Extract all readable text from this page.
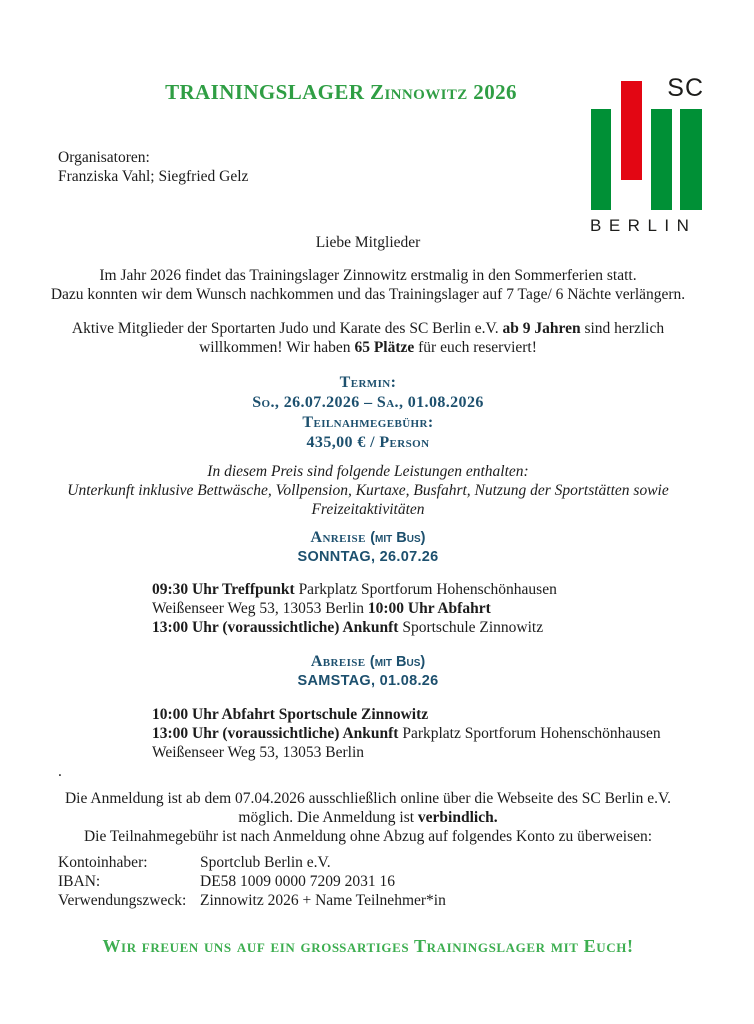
TRAININGSLAGER Zinnowitz 2026	SC
BERLIN
Organisatoren:
Franziska Vahl; Siegfried Gelz
Liebe Mitglieder
Im Jahr 2026 findet das Trainingslager Zinnowitz erstmalig in den Sommerferien statt.
Dazu konnten wir dem Wunsch nachkommen und das Trainingslager auf 7 Tage/ 6 Nächte verlängern.
Aktive Mitglieder der Sportarten Judo und Karate des SC Berlin e.V. ab 9 Jahren sind herzlich
willkommen! Wir haben 65 Plätze für euch reserviert!
Termin:
So., 26.07.2026 – Sa., 01.08.2026
Teilnahmegebühr:
435,00 € / Person
In diesem Preis sind folgende Leistungen enthalten:
Unterkunft inklusive Bettwäsche, Vollpension, Kurtaxe, Busfahrt, Nutzung der Sportstätten sowie
Freizeitaktivitäten
Anreise (mit Bus)
SONNTAG, 26.07.26
09:30 Uhr Treffpunkt Parkplatz Sportforum Hohenschönhausen
Weißenseer Weg 53, 13053 Berlin 10:00 Uhr Abfahrt
13:00 Uhr (voraussichtliche) Ankunft Sportschule Zinnowitz
Abreise (mit Bus)
SAMSTAG, 01.08.26
10:00 Uhr Abfahrt Sportschule Zinnowitz
13:00 Uhr (voraussichtliche) Ankunft Parkplatz Sportforum Hohenschönhausen
Weißenseer Weg 53, 13053 Berlin
.
Die Anmeldung ist ab dem 07.04.2026 ausschließlich online über die Webseite des SC Berlin e.V.
möglich. Die Anmeldung ist verbindlich.
Die Teilnahmegebühr ist nach Anmeldung ohne Abzug auf folgendes Konto zu überweisen:
Kontoinhaber:	Sportclub Berlin e.V.
IBAN:	DE58 1009 0000 7209 2031 16
Verwendungszweck: Zinnowitz 2026 + Name Teilnehmer*in
Wir freuen uns auf ein großartiges Trainingslager mit Euch!
